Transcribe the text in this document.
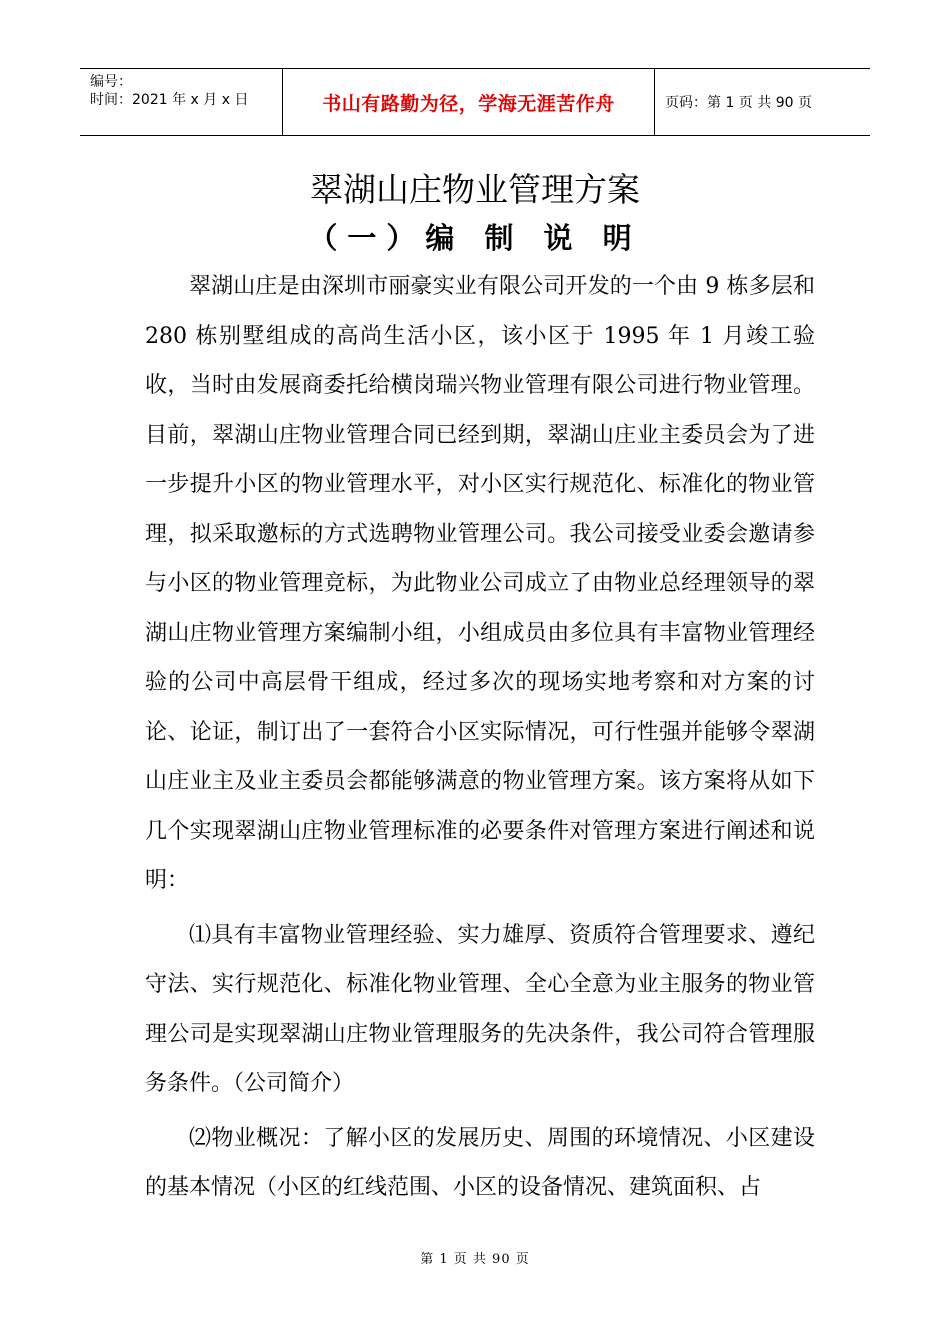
编号：
时间：2021 年 x 月 x 日	书山有路勤为径，学海无涯苦作舟	页码：第 1 页 共 90 页
翠湖山庄物业管理方案
（一）编 制 说 明

翠湖山庄是由深圳市丽豪实业有限公司开发的一个由 9 栋多层和 280 栋别墅组成的高尚生活小区，该小区于 1995 年 1 月竣工验收，当时由发展商委托给横岗瑞兴物业管理有限公司进行物业管理。目前，翠湖山庄物业管理合同已经到期，翠湖山庄业主委员会为了进一步提升小区的物业管理水平，对小区实行规范化、标准化的物业管理，拟采取邀标的方式选聘物业管理公司。我公司接受业委会邀请参与小区的物业管理竞标，为此物业公司成立了由物业总经理领导的翠湖山庄物业管理方案编制小组，小组成员由多位具有丰富物业管理经验的公司中高层骨干组成，经过多次的现场实地考察和对方案的讨论、论证，制订出了一套符合小区实际情况，可行性强并能够令翠湖山庄业主及业主委员会都能够满意的物业管理方案。该方案将从如下几个实现翠湖山庄物业管理标准的必要条件对管理方案进行阐述和说明：

⑴具有丰富物业管理经验、实力雄厚、资质符合管理要求、遵纪守法、实行规范化、标准化物业管理、全心全意为业主服务的物业管理公司是实现翠湖山庄物业管理服务的先决条件，我公司符合管理服务条件。（公司简介）

⑵物业概况：了解小区的发展历史、周围的环境情况、小区建设的基本情况（小区的红线范围、小区的设备情况、建筑面积、占

第 1 页 共 90 页
